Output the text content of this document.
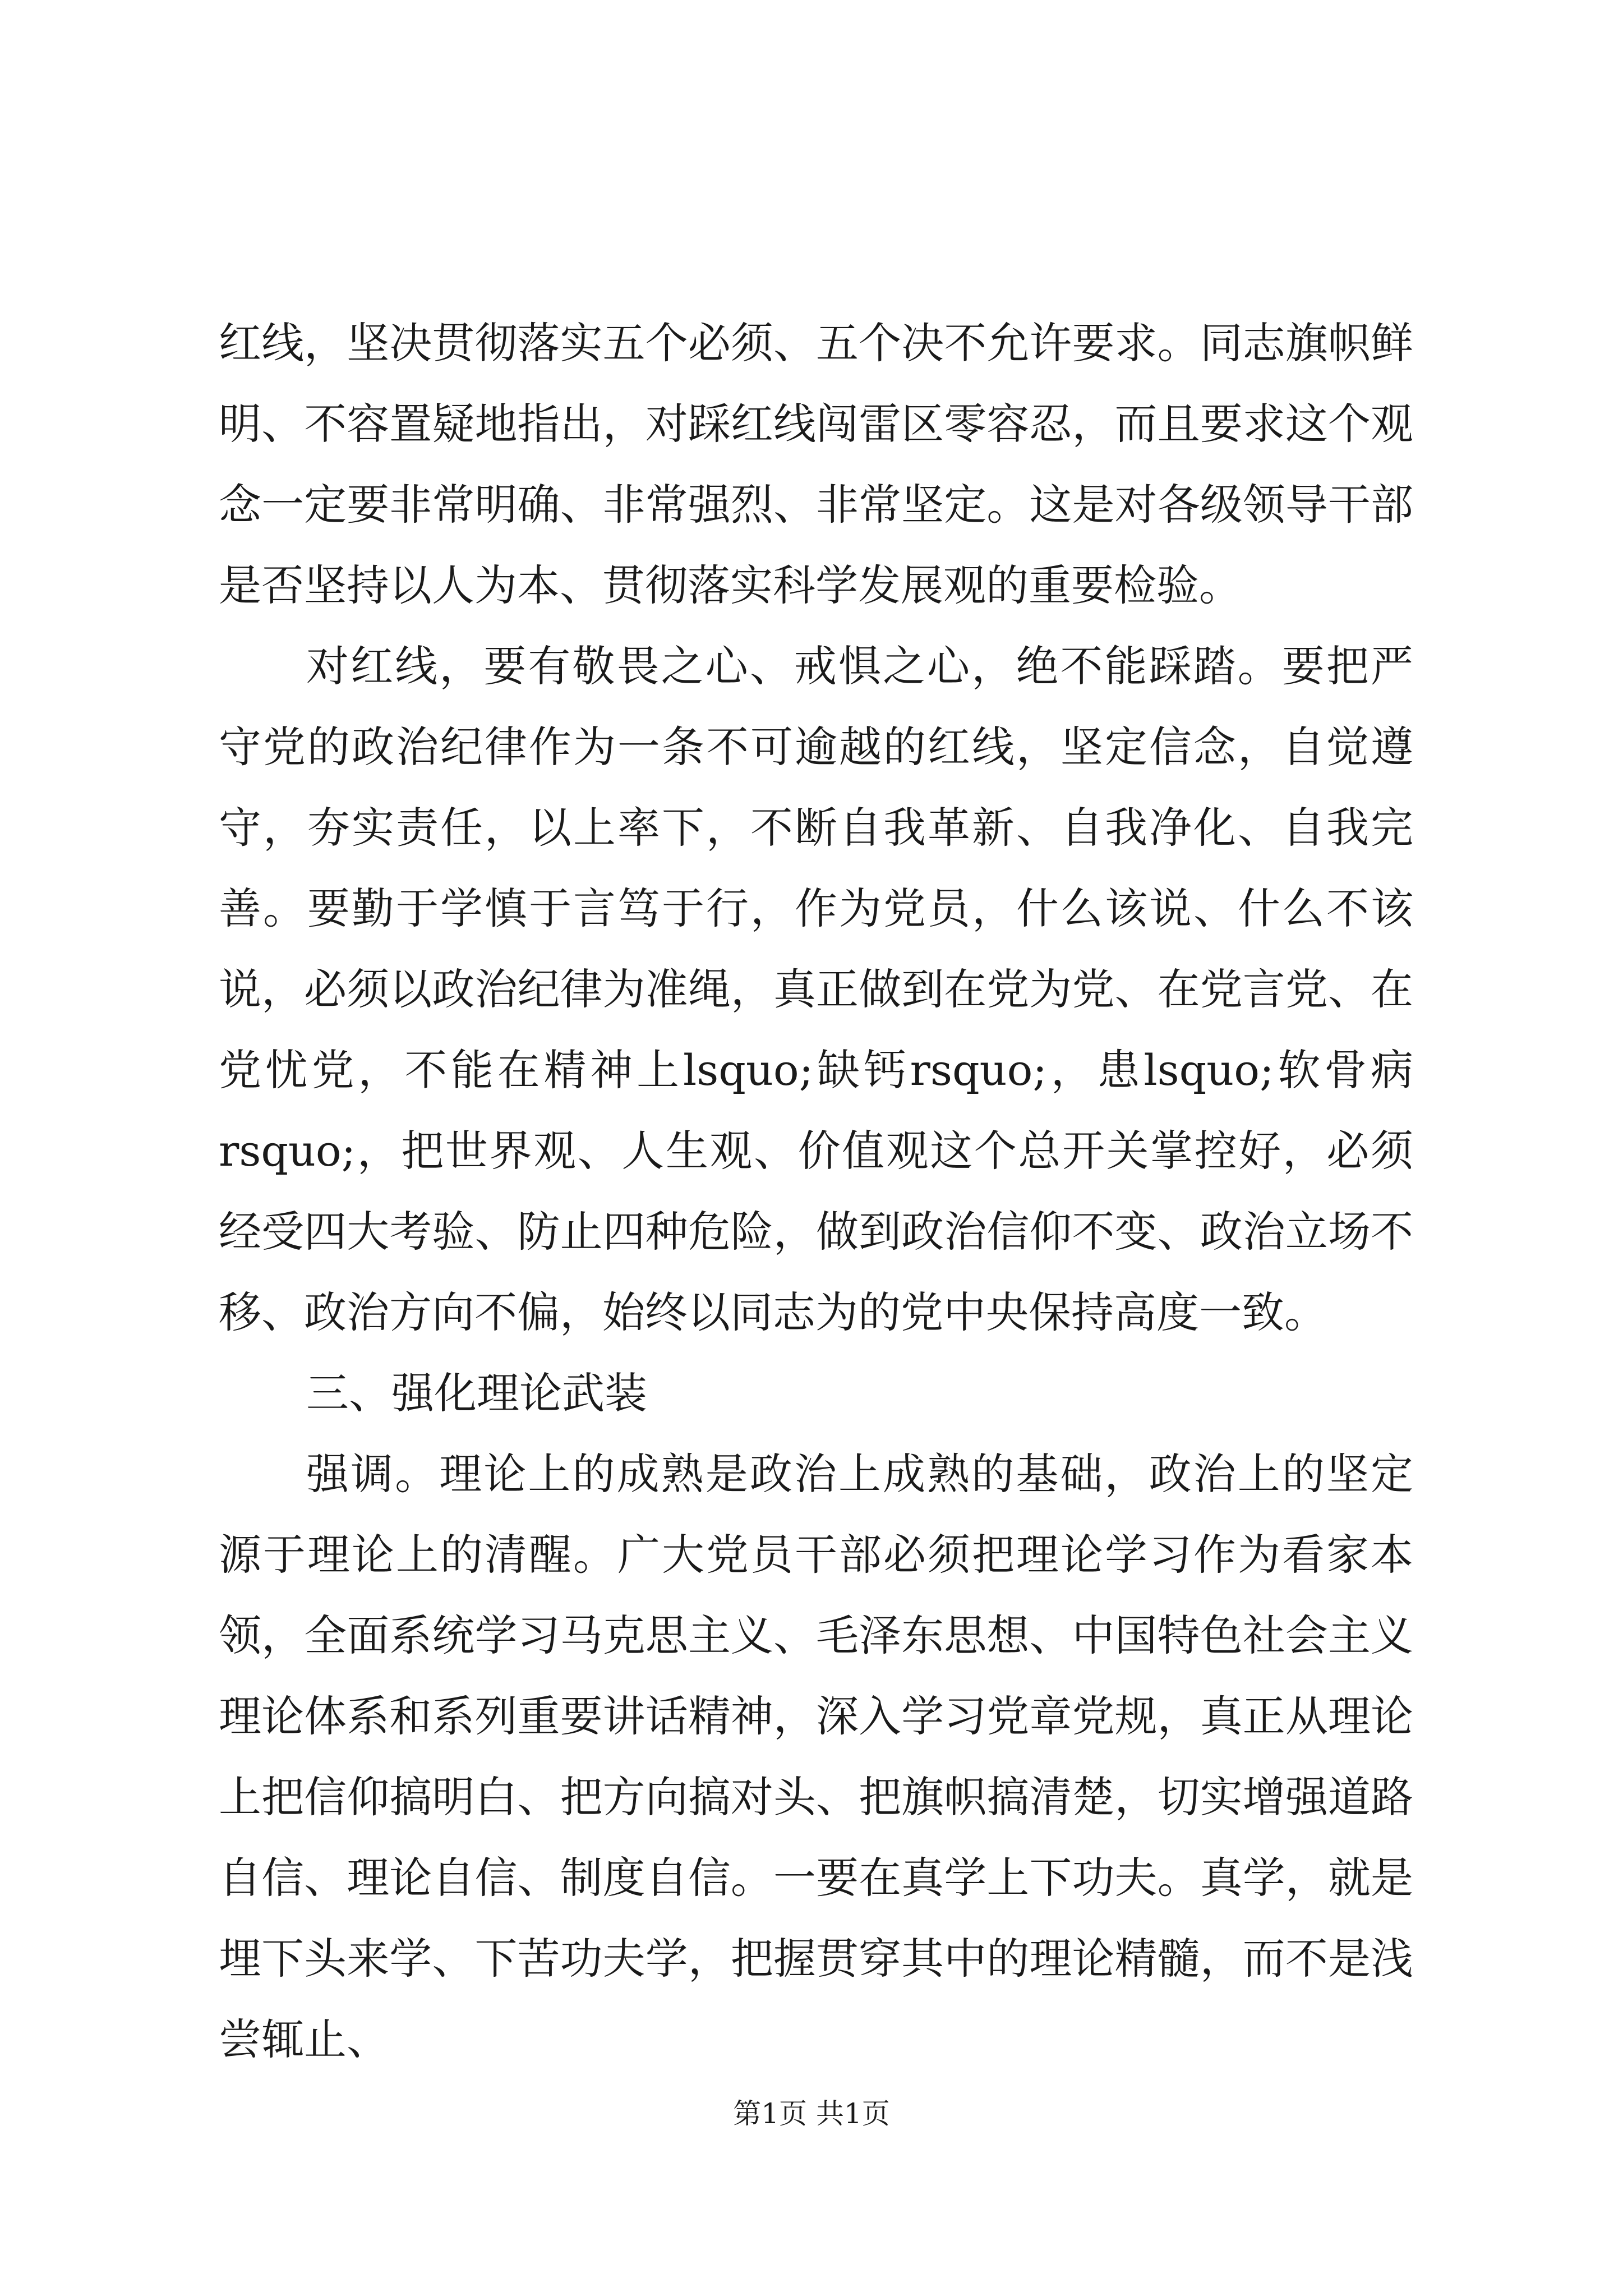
红线，坚决贯彻落实五个必须、五个决不允许要求。同志旗帜鲜明、不容置疑地指出，对踩红线闯雷区零容忍，而且要求这个观念一定要非常明确、非常强烈、非常坚定。这是对各级领导干部是否坚持以人为本、贯彻落实科学发展观的重要检验。

对红线，要有敬畏之心、戒惧之心，绝不能踩踏。要把严守党的政治纪律作为一条不可逾越的红线，坚定信念，自觉遵守，夯实责任，以上率下，不断自我革新、自我净化、自我完善。要勤于学慎于言笃于行，作为党员，什么该说、什么不该说，必须以政治纪律为准绳，真正做到在党为党、在党言党、在党忧党，不能在精神上lsquo;缺钙rsquo;，患lsquo;软骨病rsquo;，把世界观、人生观、价值观这个总开关掌控好，必须经受四大考验、防止四种危险，做到政治信仰不变、政治立场不移、政治方向不偏，始终以同志为的党中央保持高度一致。

三、强化理论武装

强调。理论上的成熟是政治上成熟的基础，政治上的坚定源于理论上的清醒。广大党员干部必须把理论学习作为看家本领，全面系统学习马克思主义、毛泽东思想、中国特色社会主义理论体系和系列重要讲话精神，深入学习党章党规，真正从理论上把信仰搞明白、把方向搞对头、把旗帜搞清楚，切实增强道路自信、理论自信、制度自信。一要在真学上下功夫。真学，就是埋下头来学、下苦功夫学，把握贯穿其中的理论精髓，而不是浅尝辄止、

第1页 共1页
